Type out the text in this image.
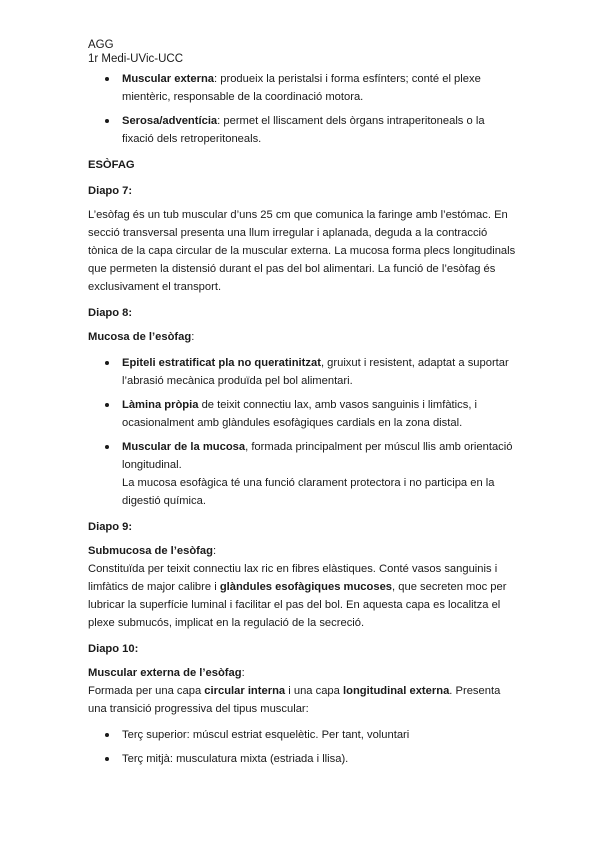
AGG
1r Medi-UVic-UCC

Muscular externa: produeix la peristalsi i forma esfínters; conté el plexe mientèric, responsable de la coordinació motora.

Serosa/adventícia: permet el lliscament dels òrgans intraperitoneals o la fixació dels retroperitoneals.

ESÒFAG
Diapo 7:

L’esòfag és un tub muscular d’uns 25 cm que comunica la faringe amb l’estómac. En secció transversal presenta una llum irregular i aplanada, deguda a la contracció tònica de la capa circular de la muscular externa. La mucosa forma plecs longitudinals que permeten la distensió durant el pas del bol alimentari. La funció de l’esòfag és exclusivament el transport.

Diapo 8:
Mucosa de l’esòfag:

Epiteli estratificat pla no queratinitzat, gruixut i resistent, adaptat a suportar l’abrasió mecànica produïda pel bol alimentari.

Làmina pròpia de teixit connectiu lax, amb vasos sanguinis i limfàtics, i ocasionalment amb glàndules esofàgiques cardials en la zona distal.

Muscular de la mucosa, formada principalment per múscul llis amb orientació longitudinal.

La mucosa esofàgica té una funció clarament protectora i no participa en la digestió química.

Diapo 9:
Submucosa de l’esòfag:
Constituïda per teixit connectiu lax ric en fibres elàstiques. Conté vasos sanguinis i limfàtics de major calibre i glàndules esofàgiques mucoses, que secreten moc per lubricar la superfície luminal i facilitar el pas del bol. En aquesta capa es localitza el plexe submucós, implicat en la regulació de la secreció.
Diapo 10:
Muscular externa de l’esòfag:
Formada per una capa circular interna i una capa longitudinal externa. Presenta una transició progressiva del tipus muscular:

Terç superior: múscul estriat esquelètic. Per tant, voluntari

Terç mitjà: musculatura mixta (estriada i llisa).
